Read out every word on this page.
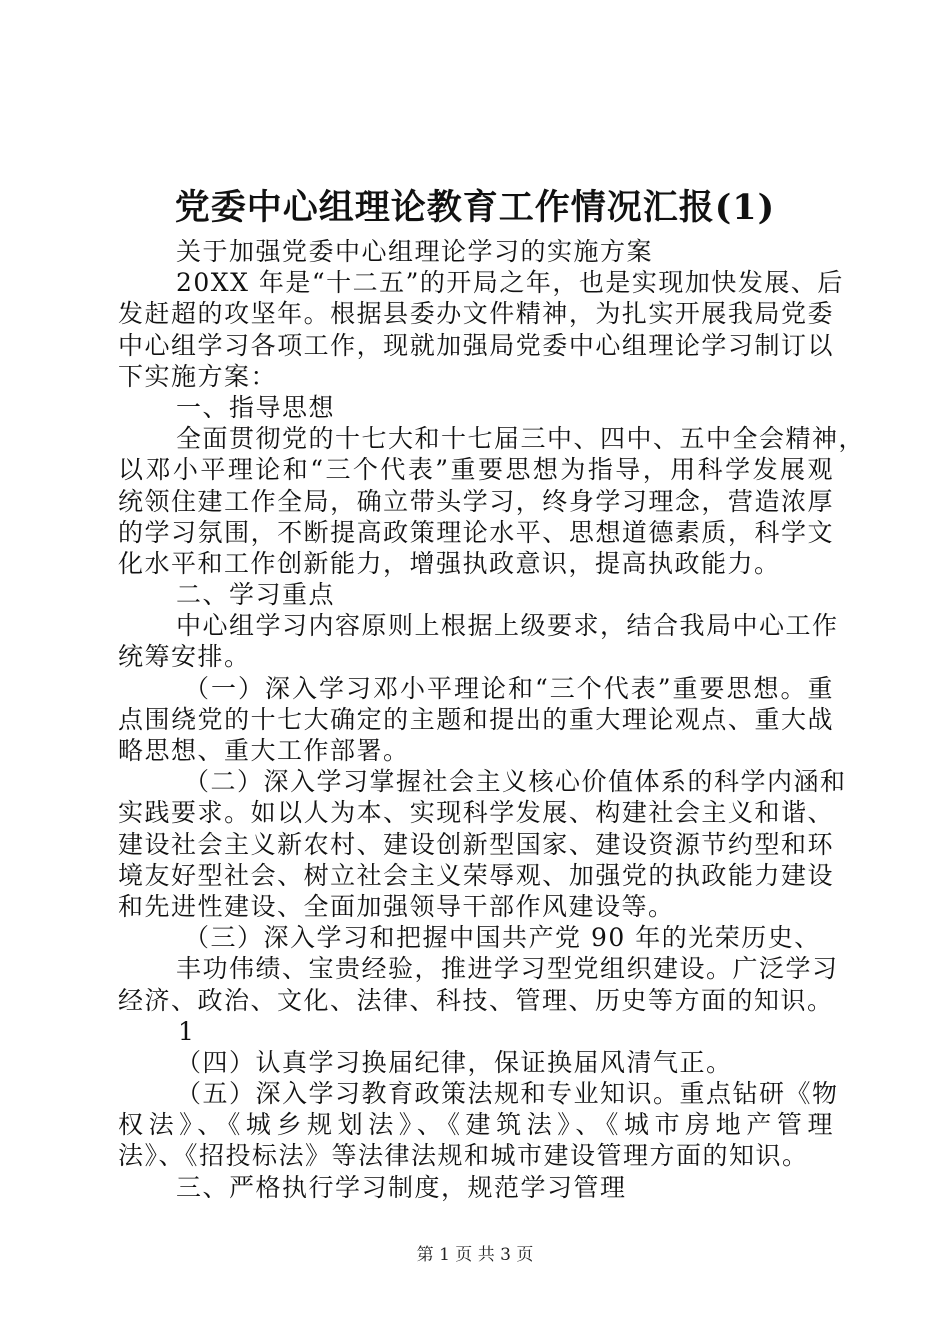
党委中心组理论教育工作情况汇报(1)
关于加强党委中心组理论学习的实施方案
20XX 年是“十二五”的开局之年，也是实现加快发展、后
发赶超的攻坚年。根据县委办文件精神，为扎实开展我局党委
中心组学习各项工作，现就加强局党委中心组理论学习制订以
下实施方案：
一、指导思想
全面贯彻党的十七大和十七届三中、四中、五中全会精神，
以邓小平理论和“三个代表”重要思想为指导，用科学发展观
统领住建工作全局，确立带头学习，终身学习理念，营造浓厚
的学习氛围，不断提高政策理论水平、思想道德素质，科学文
化水平和工作创新能力，增强执政意识，提高执政能力。
二、学习重点
中心组学习内容原则上根据上级要求，结合我局中心工作
统筹安排。
（一）深入学习邓小平理论和“三个代表”重要思想。重
点围绕党的十七大确定的主题和提出的重大理论观点、重大战
略思想、重大工作部署。
（二）深入学习掌握社会主义核心价值体系的科学内涵和
实践要求。如以人为本、实现科学发展、构建社会主义和谐、
建设社会主义新农村、建设创新型国家、建设资源节约型和环
境友好型社会、树立社会主义荣辱观、加强党的执政能力建设
和先进性建设、全面加强领导干部作风建设等。
（三）深入学习和把握中国共产党 90 年的光荣历史、
丰功伟绩、宝贵经验，推进学习型党组织建设。广泛学习
经济、政治、文化、法律、科技、管理、历史等方面的知识。
1
（四）认真学习换届纪律，保证换届风清气正。
（五）深入学习教育政策法规和专业知识。重点钻研《物
权法》、《城乡规划法》、《建筑法》、《城市房地产管理
法》、《招投标法》等法律法规和城市建设管理方面的知识。
三、严格执行学习制度，规范学习管理
第 1 页 共 3 页
